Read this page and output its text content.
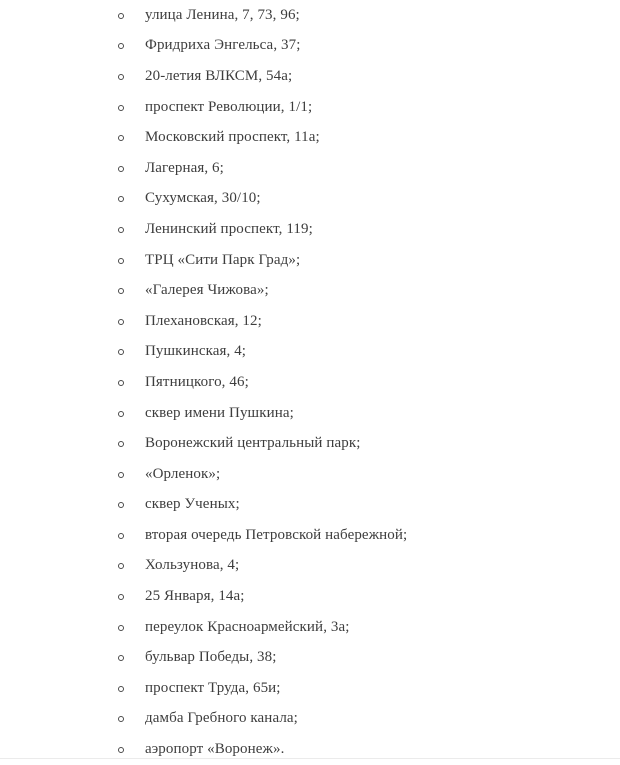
улица Ленина, 7, 73, 96;
Фридриха Энгельса, 37;
20-летия ВЛКСМ, 54а;
проспект Революции, 1/1;
Московский проспект, 11а;
Лагерная, 6;
Сухумская, 30/10;
Ленинский проспект, 119;
ТРЦ «Сити Парк Град»;
«Галерея Чижова»;
Плехановская, 12;
Пушкинская, 4;
Пятницкого, 46;
сквер имени Пушкина;
Воронежский центральный парк;
«Орленок»;
сквер Ученых;
вторая очередь Петровской набережной;
Хользунова, 4;
25 Января, 14а;
переулок Красноармейский, 3а;
бульвар Победы, 38;
проспект Труда, 65и;
дамба Гребного канала;
аэропорт «Воронеж».
